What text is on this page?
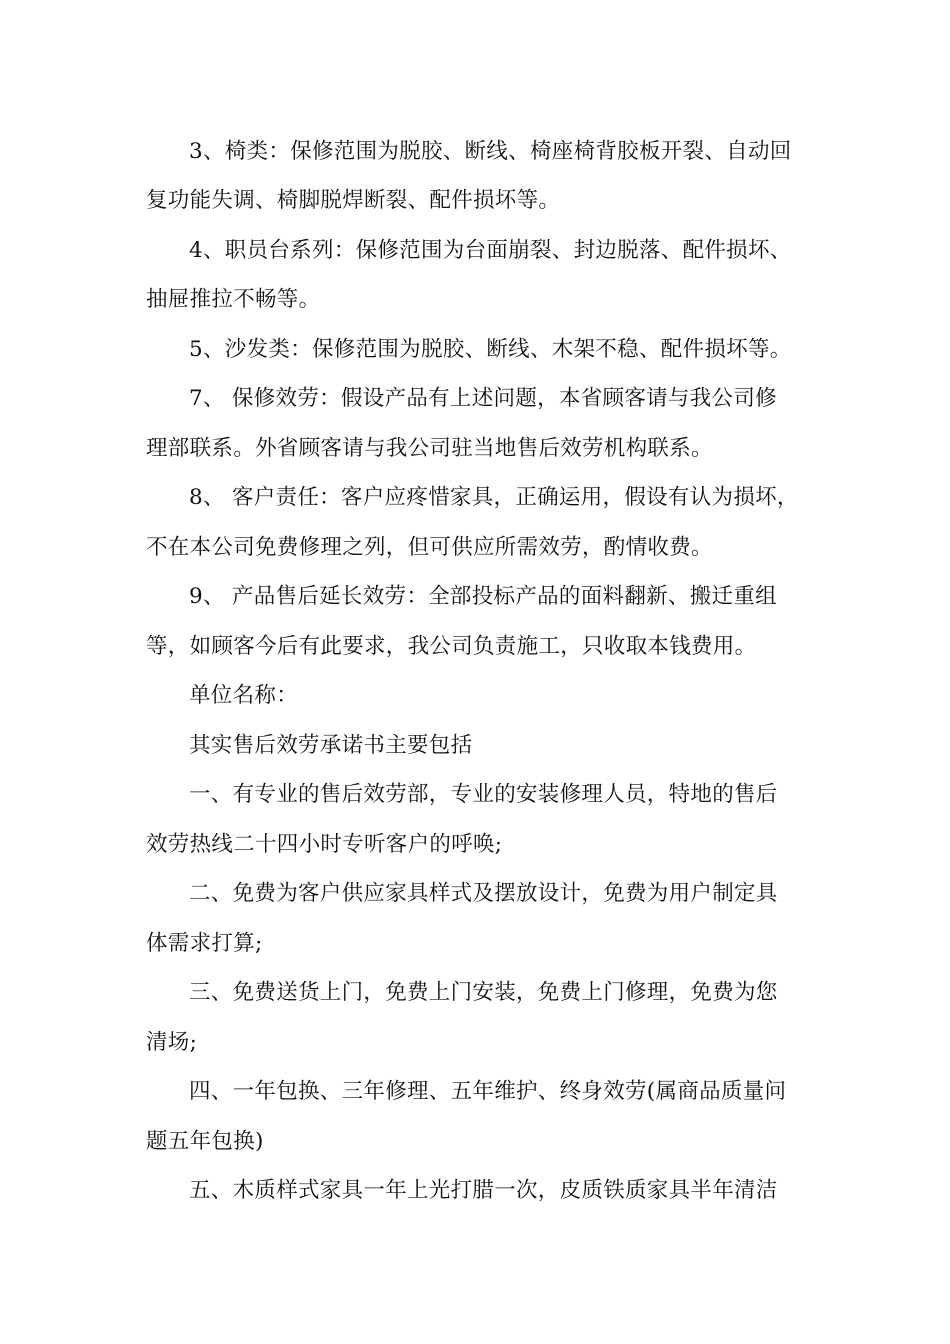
3、椅类：保修范围为脱胶、断线、椅座椅背胶板开裂、自动回
复功能失调、椅脚脱焊断裂、配件损坏等。
4、职员台系列：保修范围为台面崩裂、封边脱落、配件损坏、
抽屉推拉不畅等。
5、沙发类：保修范围为脱胶、断线、木架不稳、配件损坏等。
7、 保修效劳：假设产品有上述问题，本省顾客请与我公司修
理部联系。外省顾客请与我公司驻当地售后效劳机构联系。
8、 客户责任：客户应疼惜家具，正确运用，假设有认为损坏，
不在本公司免费修理之列，但可供应所需效劳，酌情收费。
9、 产品售后延长效劳：全部投标产品的面料翻新、搬迁重组
等，如顾客今后有此要求，我公司负责施工，只收取本钱费用。
单位名称：
其实售后效劳承诺书主要包括
一、有专业的售后效劳部，专业的安装修理人员，特地的售后
效劳热线二十四小时专听客户的呼唤;
二、免费为客户供应家具样式及摆放设计，免费为用户制定具
体需求打算;
三、免费送货上门，免费上门安装，免费上门修理，免费为您
清场;
四、一年包换、三年修理、五年维护、终身效劳(属商品质量问
题五年包换)
五、木质样式家具一年上光打腊一次，皮质铁质家具半年清洁
